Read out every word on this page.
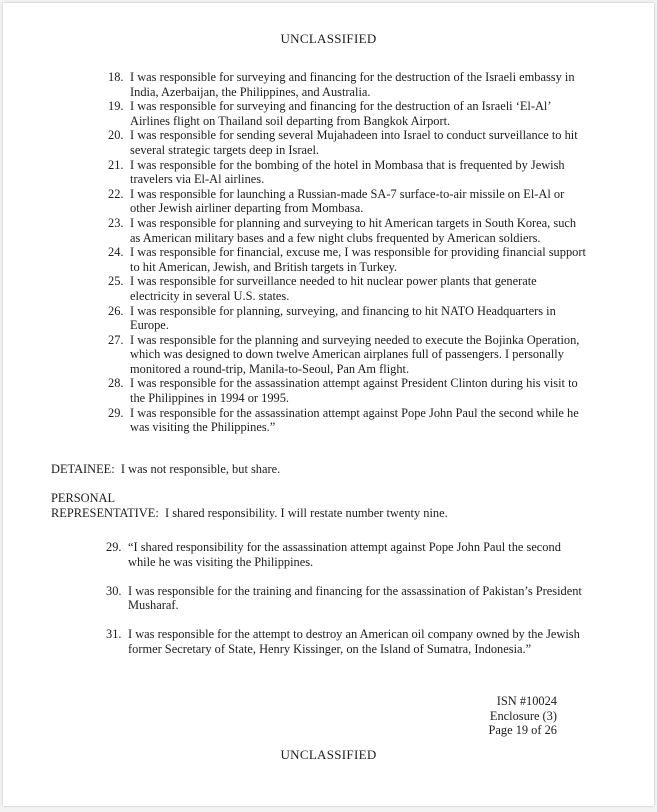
UNCLASSIFIED
18. I was responsible for surveying and financing for the destruction of the Israeli embassy in India, Azerbaijan, the Philippines, and Australia.
19. I was responsible for surveying and financing for the destruction of an Israeli ‘El-Al’ Airlines flight on Thailand soil departing from Bangkok Airport.
20. I was responsible for sending several Mujahadeen into Israel to conduct surveillance to hit several strategic targets deep in Israel.
21. I was responsible for the bombing of the hotel in Mombasa that is frequented by Jewish travelers via El-Al airlines.
22. I was responsible for launching a Russian-made SA-7 surface-to-air missile on El-Al or other Jewish airliner departing from Mombasa.
23. I was responsible for planning and surveying to hit American targets in South Korea, such as American military bases and a few night clubs frequented by American soldiers.
24. I was responsible for financial, excuse me, I was responsible for providing financial support to hit American, Jewish, and British targets in Turkey.
25. I was responsible for surveillance needed to hit nuclear power plants that generate electricity in several U.S. states.
26. I was responsible for planning, surveying, and financing to hit NATO Headquarters in Europe.
27. I was responsible for the planning and surveying needed to execute the Bojinka Operation, which was designed to down twelve American airplanes full of passengers. I personally monitored a round-trip, Manila-to-Seoul, Pan Am flight.
28. I was responsible for the assassination attempt against President Clinton during his visit to the Philippines in 1994 or 1995.
29. I was responsible for the assassination attempt against Pope John Paul the second while he was visiting the Philippines.”
DETAINEE: I was not responsible, but share.
PERSONAL
REPRESENTATIVE: I shared responsibility. I will restate number twenty nine.
29. “I shared responsibility for the assassination attempt against Pope John Paul the second while he was visiting the Philippines.
30. I was responsible for the training and financing for the assassination of Pakistan’s President Musharaf.
31. I was responsible for the attempt to destroy an American oil company owned by the Jewish former Secretary of State, Henry Kissinger, on the Island of Sumatra, Indonesia.”
ISN #10024
Enclosure (3)
Page 19 of 26
UNCLASSIFIED
